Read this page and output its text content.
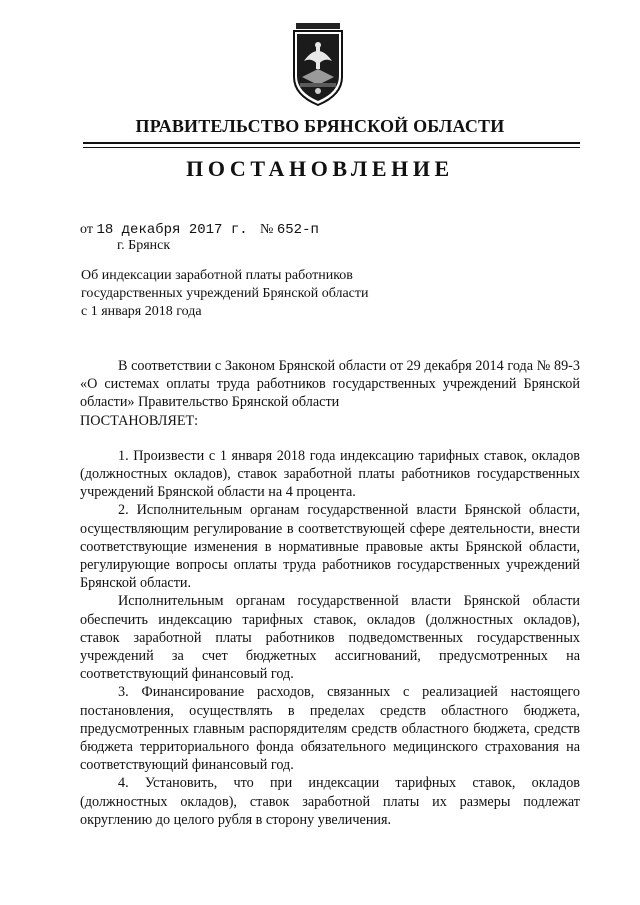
ПРАВИТЕЛЬСТВО БРЯНСКОЙ ОБЛАСТИ
ПОСТАНОВЛЕНИЕ
от 18 декабря 2017 г. № 652-п
г. Брянск
Об индексации заработной платы работников
государственных учреждений Брянской области
с 1 января 2018 года

В соответствии с Законом Брянской области от 29 декабря 2014 года № 89-3 «О системах оплаты труда работников государственных учреждений Брянской области» Правительство Брянской области

ПОСТАНОВЛЯЕТ:

1. Произвести с 1 января 2018 года индексацию тарифных ставок, окладов (должностных окладов), ставок заработной платы работников государственных учреждений Брянской области на 4 процента.

2. Исполнительным органам государственной власти Брянской области, осуществляющим регулирование в соответствующей сфере деятельности, внести соответствующие изменения в нормативные правовые акты Брянской области, регулирующие вопросы оплаты труда работников государственных учреждений Брянской области.

Исполнительным органам государственной власти Брянской области обеспечить индексацию тарифных ставок, окладов (должностных окладов), ставок заработной платы работников подведомственных государственных учреждений за счет бюджетных ассигнований, предусмотренных на соответствующий финансовый год.

3. Финансирование расходов, связанных с реализацией настоящего постановления, осуществлять в пределах средств областного бюджета, предусмотренных главным распорядителям средств областного бюджета, средств бюджета территориального фонда обязательного медицинского страхования на соответствующий финансовый год.

4. Установить, что при индексации тарифных ставок, окладов (должностных окладов), ставок заработной платы их размеры подлежат округлению до целого рубля в сторону увеличения.
